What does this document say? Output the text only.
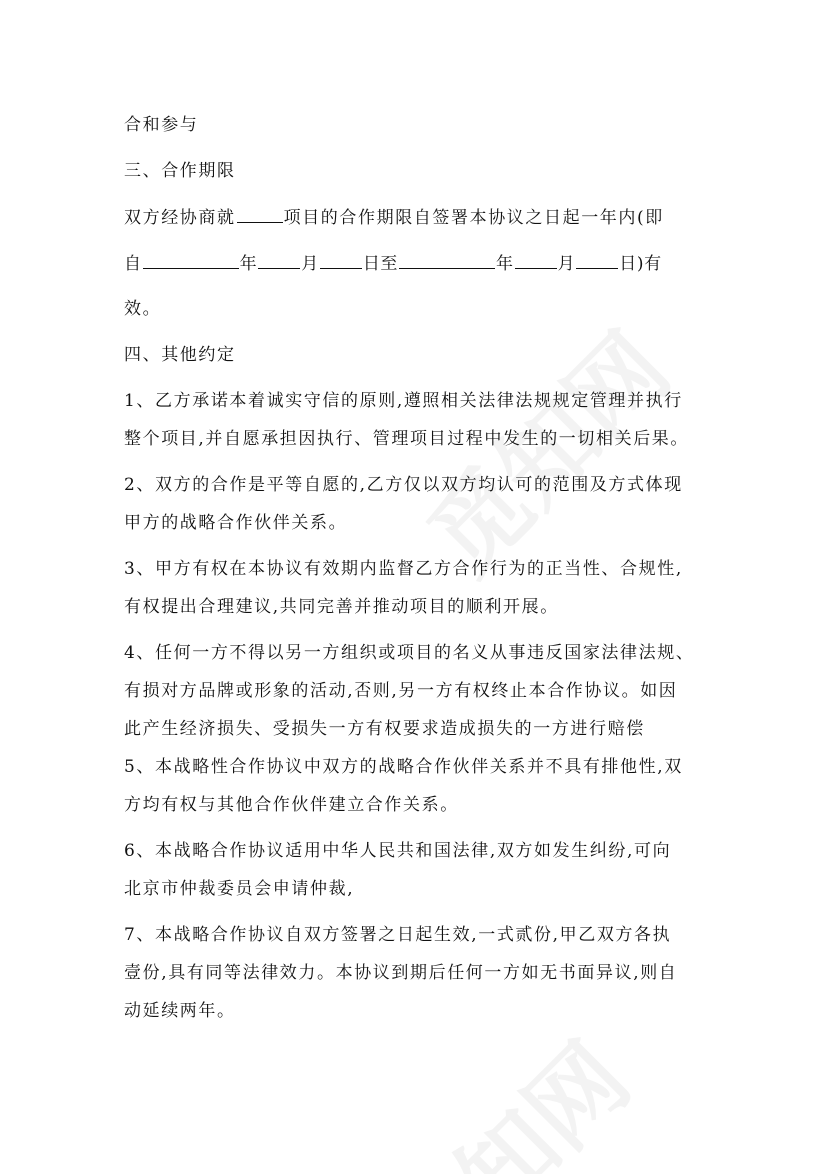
合和参与
三、合作期限
双方经协商就	项目的合作期限自签署本协议之日起一年内(即
自	年	月	日至	年	月	日)有
效。
四、其他约定
1、乙方承诺本着诚实守信的原则,遵照相关法律法规规定管理并执行
整个项目,并自愿承担因执行、管理项目过程中发生的一切相关后果。
2、双方的合作是平等自愿的,乙方仅以双方均认可的范围及方式体现
甲方的战略合作伙伴关系。
3、甲方有权在本协议有效期内监督乙方合作行为的正当性、合规性,
有权提出合理建议,共同完善并推动项目的顺利开展。
4、任何一方不得以另一方组织或项目的名义从事违反国家法律法规、
有损对方品牌或形象的活动,否则,另一方有权终止本合作协议。如因
此产生经济损失、受损失一方有权要求造成损失的一方进行赔偿
5、本战略性合作协议中双方的战略合作伙伴关系并不具有排他性,双
方均有权与其他合作伙伴建立合作关系。
6、本战略合作协议适用中华人民共和国法律,双方如发生纠纷,可向
北京市仲裁委员会申请仲裁,
7、本战略合作协议自双方签署之日起生效,一式贰份,甲乙双方各执
壹份,具有同等法律效力。本协议到期后任何一方如无书面异议,则自
动延续两年。
